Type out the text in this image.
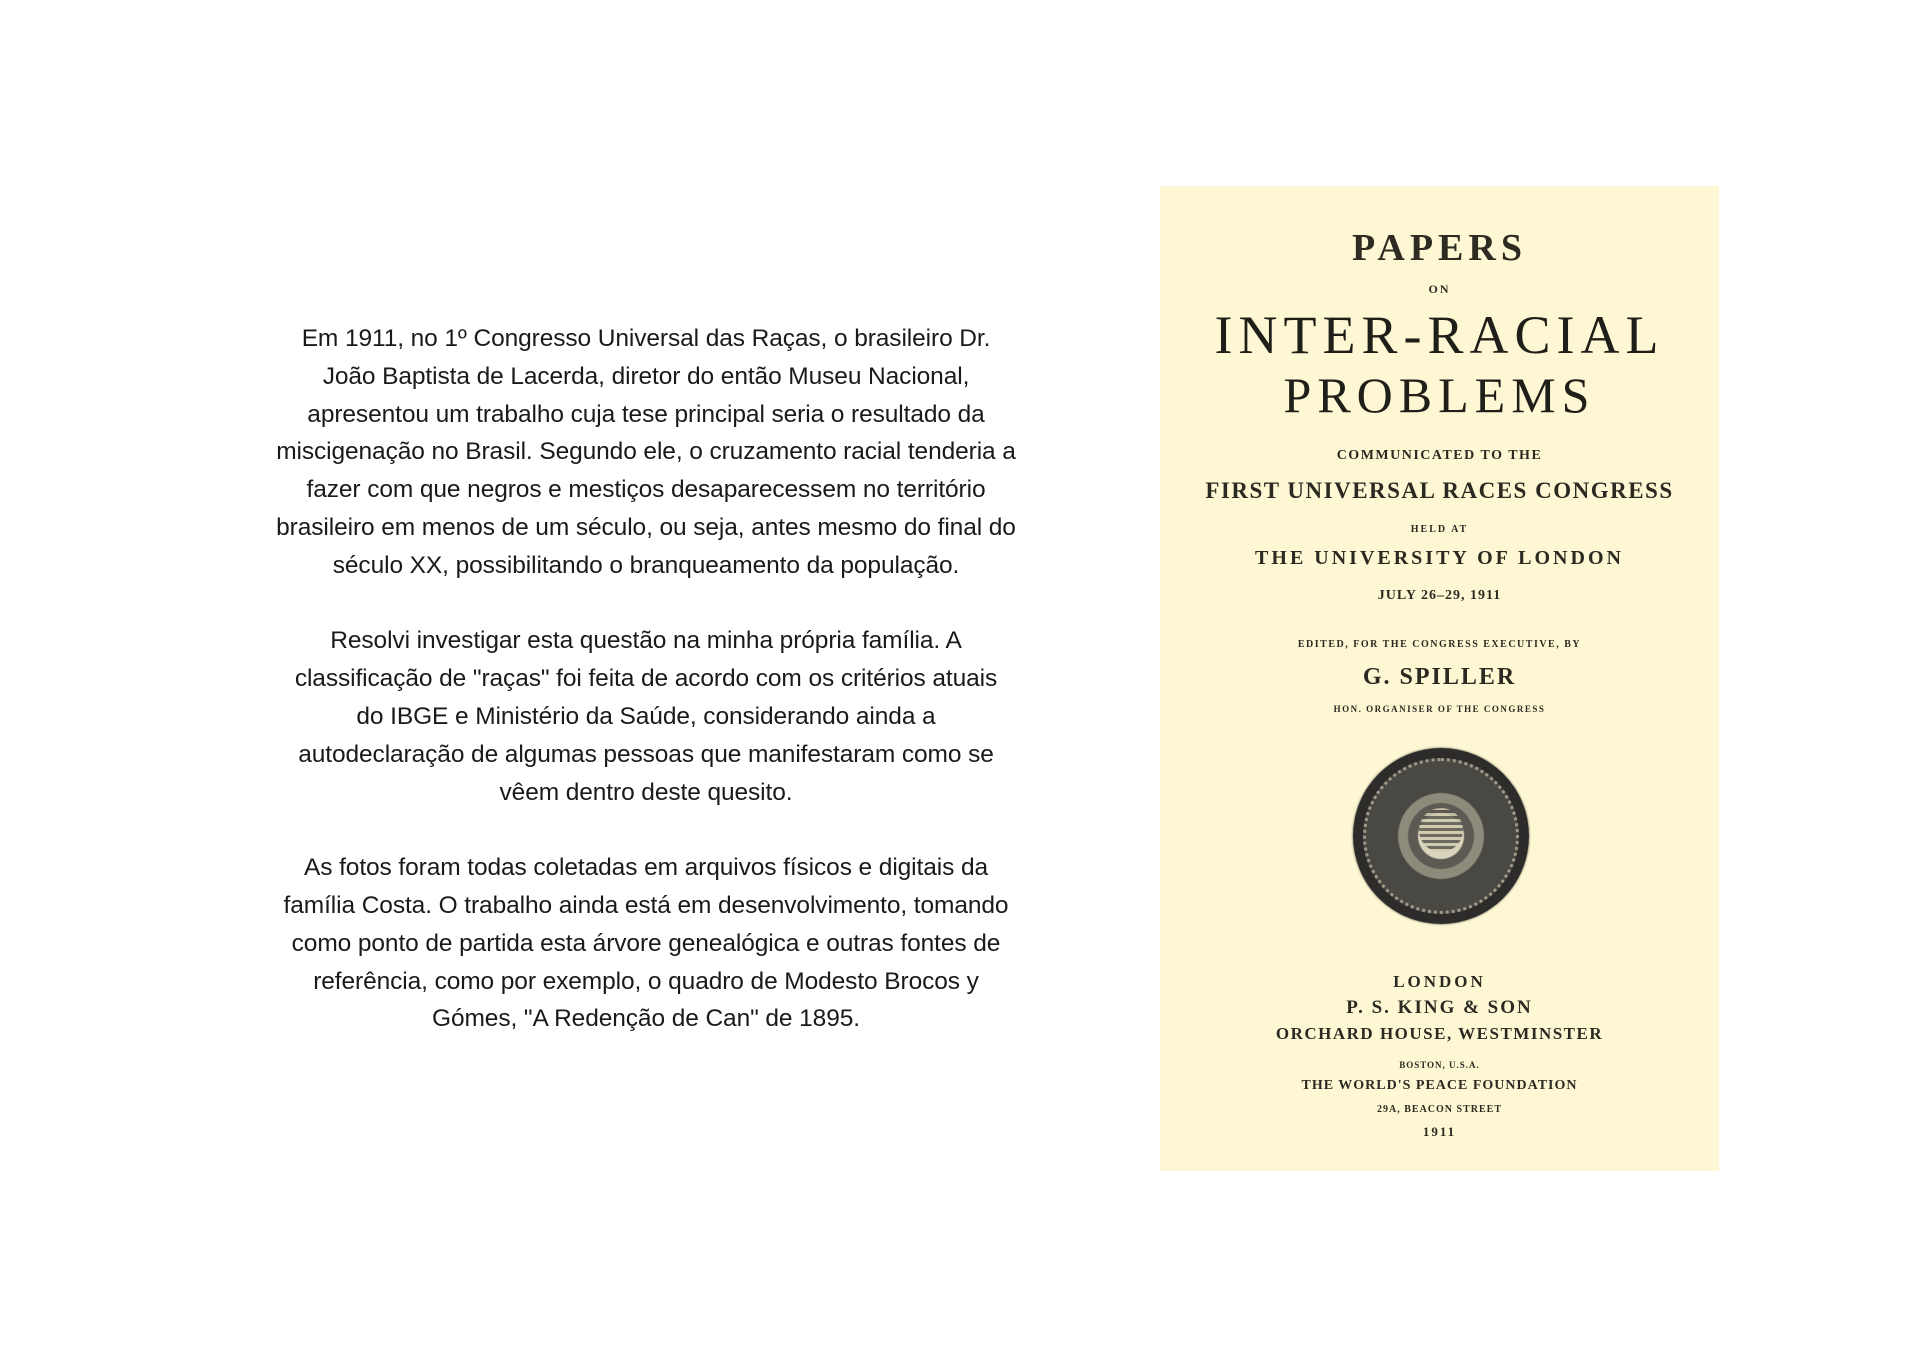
Em 1911, no 1º Congresso Universal das Raças, o brasileiro Dr.
João Baptista de Lacerda, diretor do então Museu Nacional,
apresentou um trabalho cuja tese principal seria o resultado da
miscigenação no Brasil. Segundo ele, o cruzamento racial tenderia a
fazer com que negros e mestiços desaparecessem no território
brasileiro em menos de um século, ou seja, antes mesmo do final do
século XX, possibilitando o branqueamento da população.

Resolvi investigar esta questão na minha própria família. A
classificação de "raças" foi feita de acordo com os critérios atuais
do IBGE e Ministério da Saúde, considerando ainda a
autodeclaração de algumas pessoas que manifestaram como se
vêem dentro deste quesito.

As fotos foram todas coletadas em arquivos físicos e digitais da
família Costa. O trabalho ainda está em desenvolvimento, tomando
como ponto de partida esta árvore genealógica e outras fontes de
referência, como por exemplo, o quadro de Modesto Brocos y
Gómes, "A Redenção de Can" de 1895.

PAPERS
ON
INTER-RACIAL
PROBLEMS
COMMUNICATED TO THE
FIRST UNIVERSAL RACES CONGRESS
HELD AT
THE UNIVERSITY OF LONDON
JULY 26–29, 1911
EDITED, FOR THE CONGRESS EXECUTIVE, BY
G. SPILLER
HON. ORGANISER OF THE CONGRESS
LONDON
P. S. KING & SON
ORCHARD HOUSE, WESTMINSTER
BOSTON, U.S.A.
THE WORLD'S PEACE FOUNDATION
29A, BEACON STREET
1911
